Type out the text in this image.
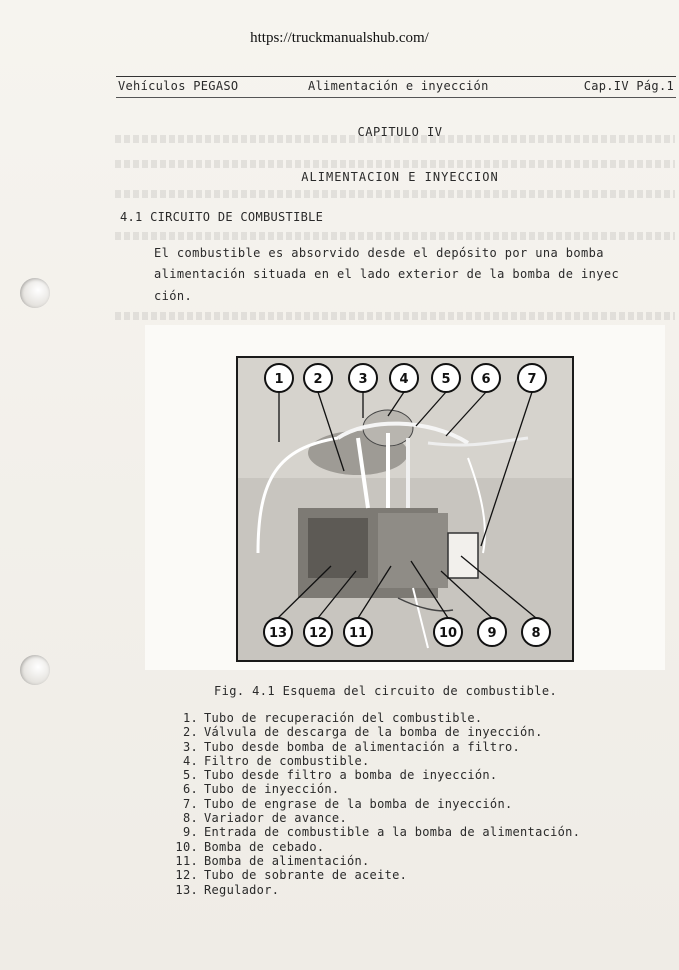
https://truckmanualshub.com/
Vehículos PEGASO	Alimentación e inyección	Cap.IV Pág.1
CAPITULO IV
ALIMENTACION E INYECCION
4.1 CIRCUITO DE COMBUSTIBLE
El combustible es absorvido desde el depósito por una bomba
alimentación situada en el lado exterior de la bomba de inyec
ción.
1 2	3 4	5 6	7
13 12 11	10 9	8
Fig. 4.1 Esquema del circuito de combustible.
1. Tubo de recuperación del combustible.
2. Válvula de descarga de la bomba de inyección.
3. Tubo desde bomba de alimentación a filtro.
4. Filtro de combustible.
5. Tubo desde filtro a bomba de inyección.
6. Tubo de inyección.
7. Tubo de engrase de la bomba de inyección.
8. Variador de avance.
9. Entrada de combustible a la bomba de alimentación.
10. Bomba de cebado.
11. Bomba de alimentación.
12. Tubo de sobrante de aceite.
13. Regulador.
